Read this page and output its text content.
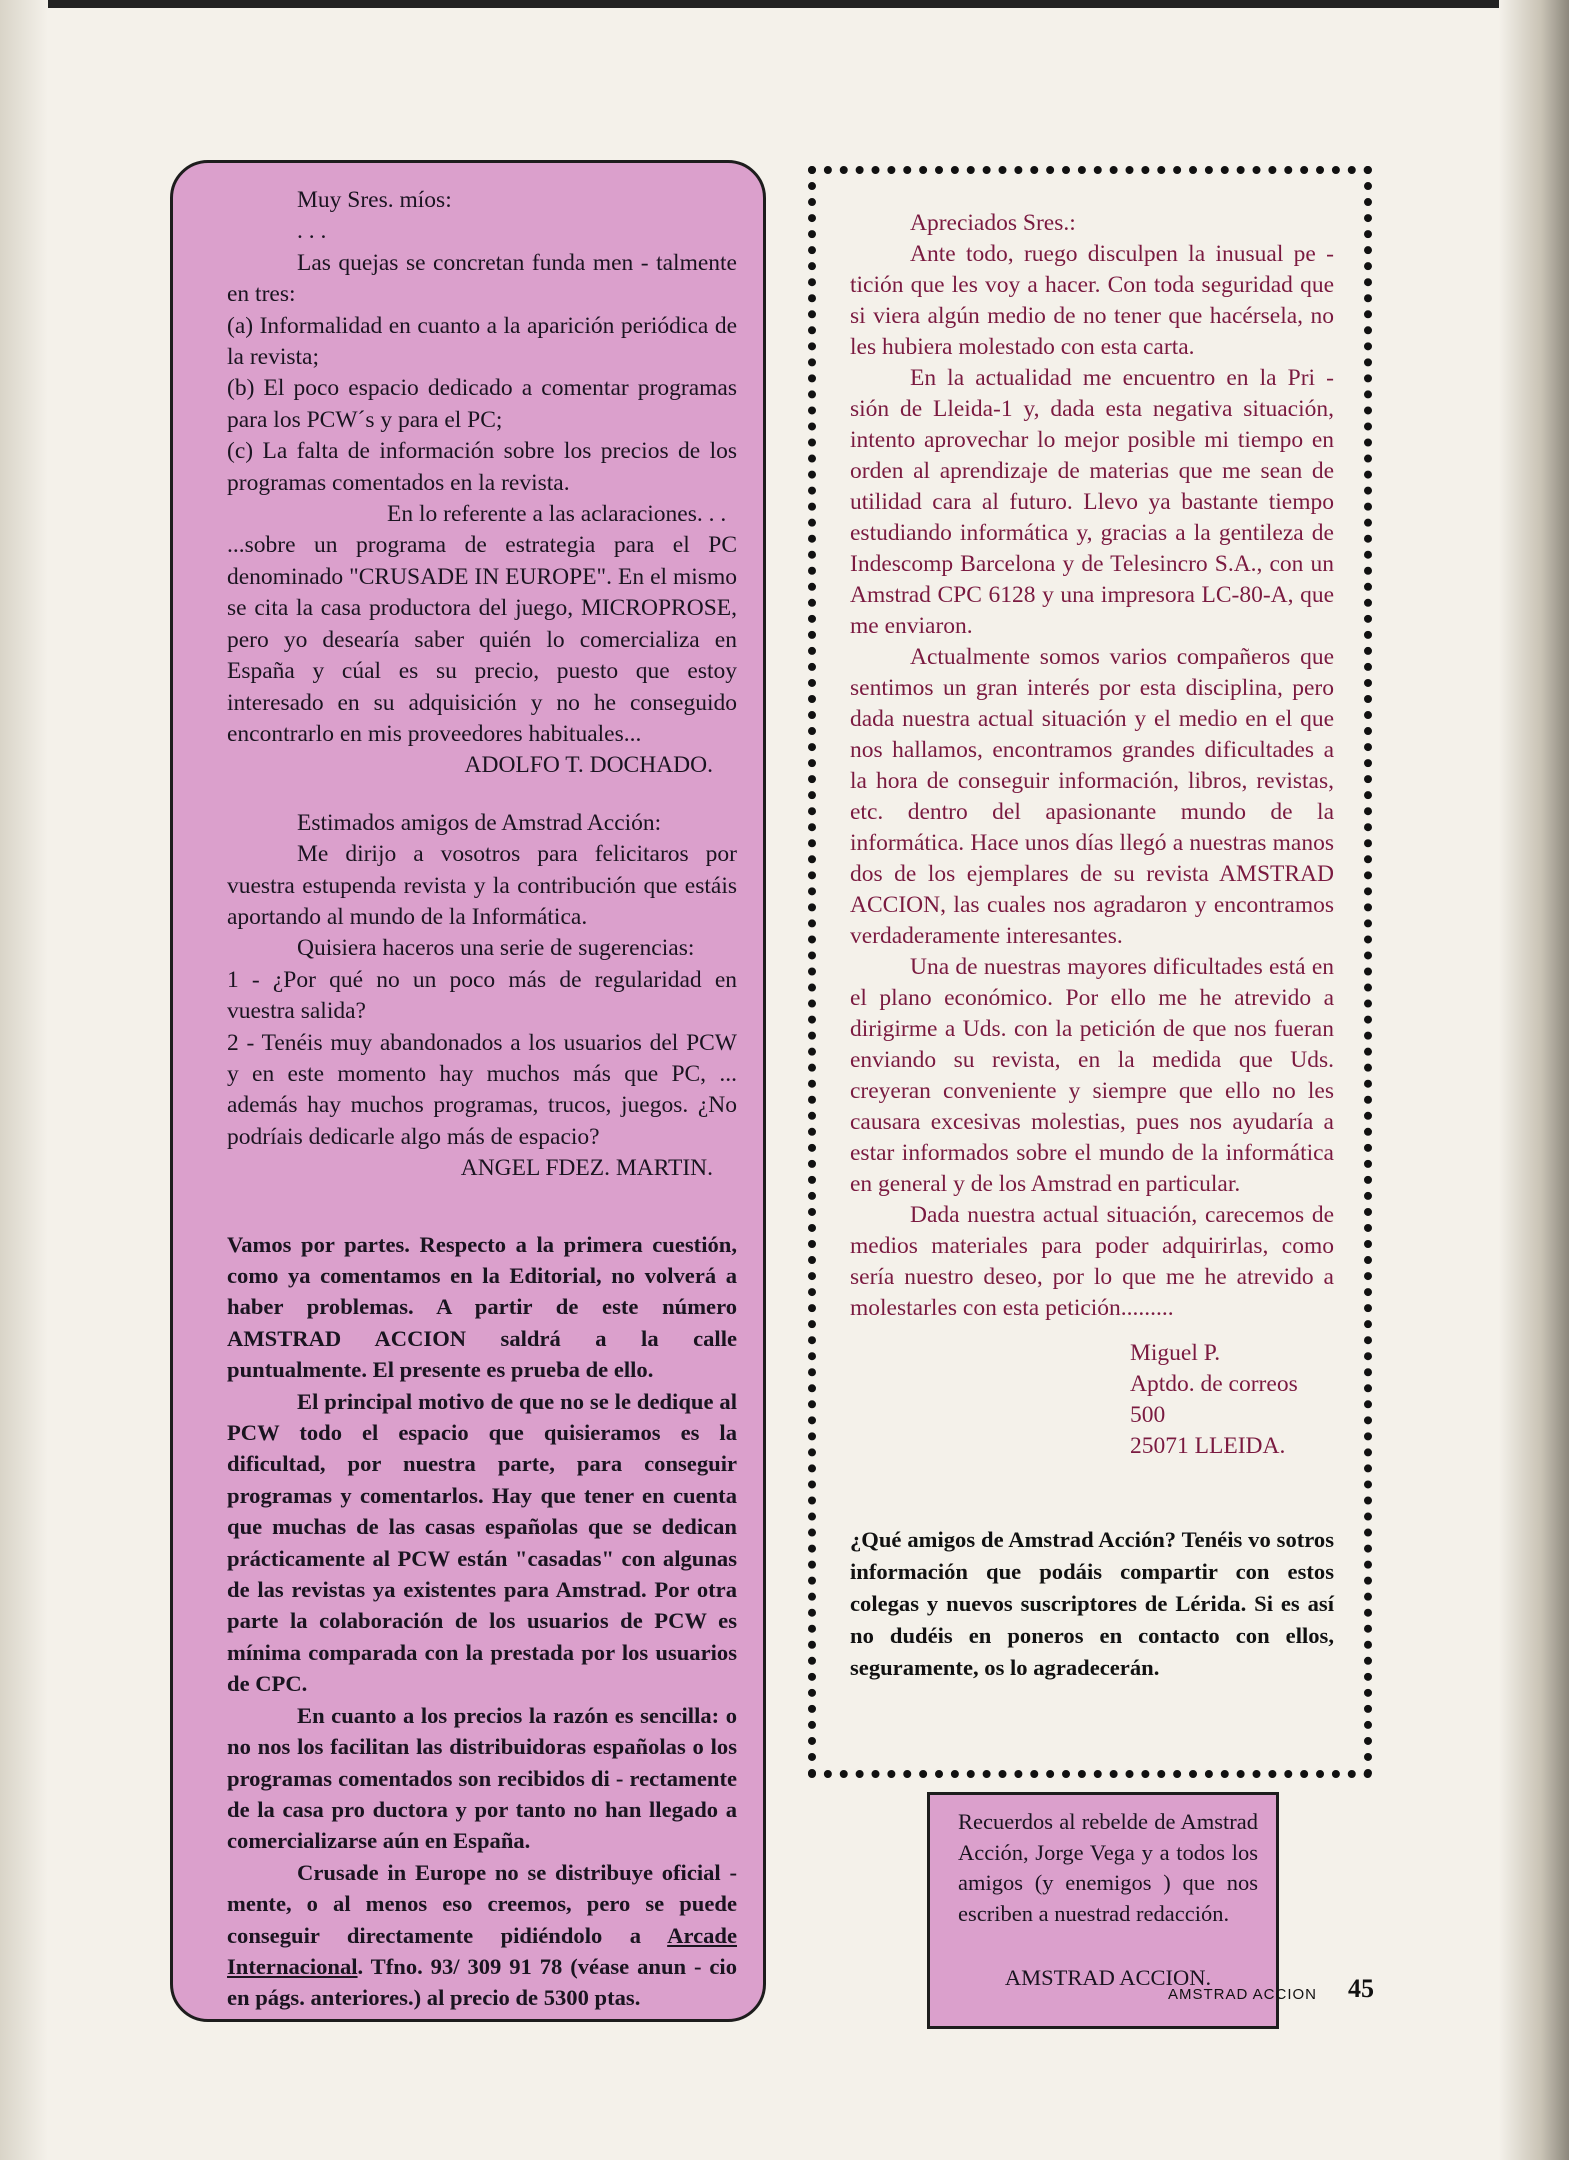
Muy Sres. míos:

. . .

Las quejas se concretan funda men - talmente en tres:

(a) Informalidad en cuanto a la aparición periódica de la revista;

(b) El poco espacio dedicado a comentar programas para los PCW´s y para el PC;

(c) La falta de información sobre los precios de los programas comentados en la revista.

En lo referente a las aclaraciones. . .

...sobre un programa de estrategia para el PC denominado "CRUSADE IN EUROPE". En el mismo se cita la casa productora del juego, MICROPROSE, pero yo desearía saber quién lo comercializa en España y cúal es su precio, puesto que estoy interesado en su adquisición y no he conseguido encontrarlo en mis proveedores habituales...

ADOLFO T. DOCHADO.

Estimados amigos de Amstrad Acción:

Me dirijo a vosotros para felicitaros por vuestra estupenda revista y la contribución que estáis aportando al mundo de la Informática.

Quisiera haceros una serie de sugerencias:

1 - ¿Por qué no un poco más de regularidad en vuestra salida?

2 - Tenéis muy abandonados a los usuarios del PCW y en este momento hay muchos más que PC, ... además hay muchos programas, trucos, juegos. ¿No podríais dedicarle algo más de espacio?

ANGEL FDEZ. MARTIN.

Vamos por partes. Respecto a la primera cuestión, como ya comentamos en la Editorial, no volverá a haber problemas. A partir de este número AMSTRAD ACCION saldrá a la calle puntualmente. El presente es prueba de ello.

El principal motivo de que no se le dedique al PCW todo el espacio que quisieramos es la dificultad, por nuestra parte, para conseguir programas y comentarlos. Hay que tener en cuenta que muchas de las casas españolas que se dedican prácticamente al PCW están "casadas" con algunas de las revistas ya existentes para Amstrad. Por otra parte la colaboración de los usuarios de PCW es mínima comparada con la prestada por los usuarios de CPC.

En cuanto a los precios la razón es sencilla: o no nos los facilitan las distribuidoras españolas o los programas comentados son recibidos di - rectamente de la casa pro ductora y por tanto no han llegado a comercializarse aún en España.

Crusade in Europe no se distribuye oficial - mente, o al menos eso creemos, pero se puede conseguir directamente pidiéndolo a Arcade Internacional. Tfno. 93/ 309 91 78 (véase anun - cio en págs. anteriores.) al precio de 5300 ptas.

Apreciados Sres.:

Ante todo, ruego disculpen la inusual pe - tición que les voy a hacer. Con toda seguridad que si viera algún medio de no tener que hacérsela, no les hubiera molestado con esta carta.

En la actualidad me encuentro en la Pri - sión de Lleida-1 y, dada esta negativa situación, intento aprovechar lo mejor posible mi tiempo en orden al aprendizaje de materias que me sean de utilidad cara al futuro. Llevo ya bastante tiempo estudiando informática y, gracias a la gentileza de Indescomp Barcelona y de Telesincro S.A., con un Amstrad CPC 6128 y una impresora LC-80-A, que me enviaron.

Actualmente somos varios compañeros que sentimos un gran interés por esta disciplina, pero dada nuestra actual situación y el medio en el que nos hallamos, encontramos grandes dificultades a la hora de conseguir información, libros, revistas, etc. dentro del apasionante mundo de la informática. Hace unos días llegó a nuestras manos dos de los ejemplares de su revista AMSTRAD ACCION, las cuales nos agradaron y encontramos verdaderamente interesantes.

Una de nuestras mayores dificultades está en el plano económico. Por ello me he atrevido a dirigirme a Uds. con la petición de que nos fueran enviando su revista, en la medida que Uds. creyeran conveniente y siempre que ello no les causara excesivas molestias, pues nos ayudaría a estar informados sobre el mundo de la informática en general y de los Amstrad en particular.

Dada nuestra actual situación, carecemos de medios materiales para poder adquirirlas, como sería nuestro deseo, por lo que me he atrevido a molestarles con esta petición.........

Miguel P.

Aptdo. de correos 500

25071 LLEIDA.

¿Qué amigos de Amstrad Acción? Tenéis vo sotros información que podáis compartir con estos colegas y nuevos suscriptores de Lérida. Si es así no dudéis en poneros en contacto con ellos, seguramente, os lo agradecerán.

Recuerdos al rebelde de Amstrad Acción, Jorge Vega y a todos los amigos (y enemigos ) que nos escriben a nuestrad redacción.

AMSTRAD ACCION.

AMSTRAD ACCION 45
